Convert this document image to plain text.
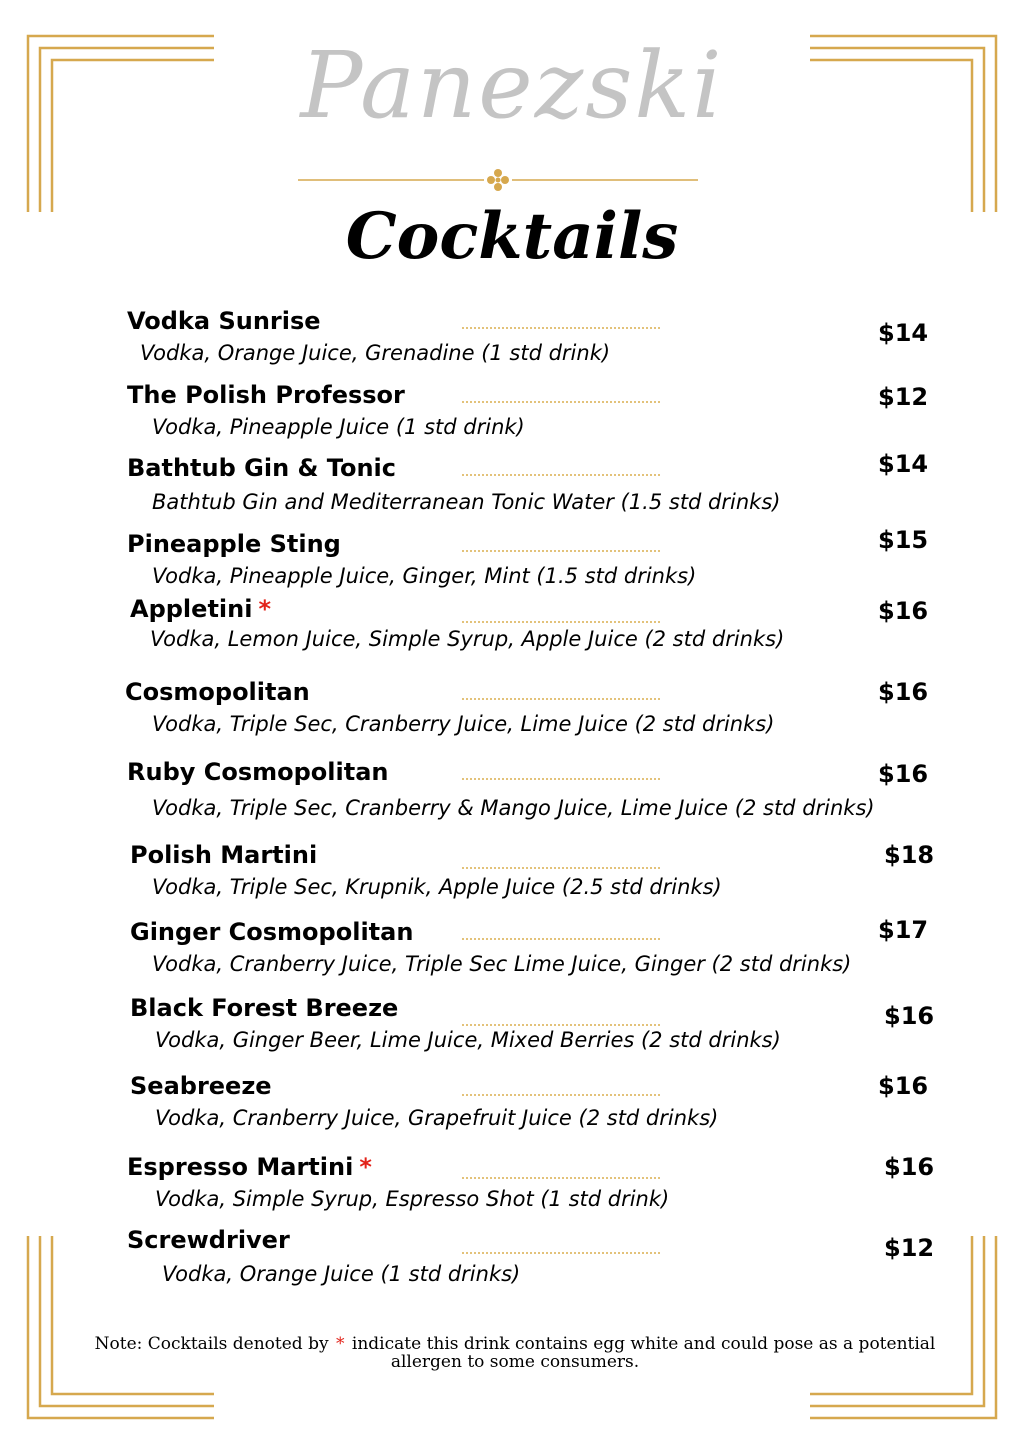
Panezski
Cocktails
Vodka Sunrise	$14
Vodka, Orange Juice, Grenadine (1 std drink)
The Polish Professor	$12
Vodka, Pineapple Juice (1 std drink)
Bathtub Gin & Tonic	$14
Bathtub Gin and Mediterranean Tonic Water (1.5 std drinks)
Pineapple Sting	$15
Vodka, Pineapple Juice, Ginger, Mint (1.5 std drinks)
Appletini *	$16
Vodka, Lemon Juice, Simple Syrup, Apple Juice (2 std drinks)
Cosmopolitan	$16
Vodka, Triple Sec, Cranberry Juice, Lime Juice (2 std drinks)
Ruby Cosmopolitan	$16
Vodka, Triple Sec, Cranberry & Mango Juice, Lime Juice (2 std drinks)
Polish Martini	$18
Vodka, Triple Sec, Krupnik, Apple Juice (2.5 std drinks)
Ginger Cosmopolitan	$17
Vodka, Cranberry Juice, Triple Sec Lime Juice, Ginger (2 std drinks)
Black Forest Breeze	$16
Vodka, Ginger Beer, Lime Juice, Mixed Berries (2 std drinks)
Seabreeze	$16
Vodka, Cranberry Juice, Grapefruit Juice (2 std drinks)
Espresso Martini *	$16
Vodka, Simple Syrup, Espresso Shot (1 std drink)
Screwdriver	$12
Vodka, Orange Juice (1 std drinks)
Note: Cocktails denoted by * indicate this drink contains egg white and could pose as a potential allergen to some consumers.
